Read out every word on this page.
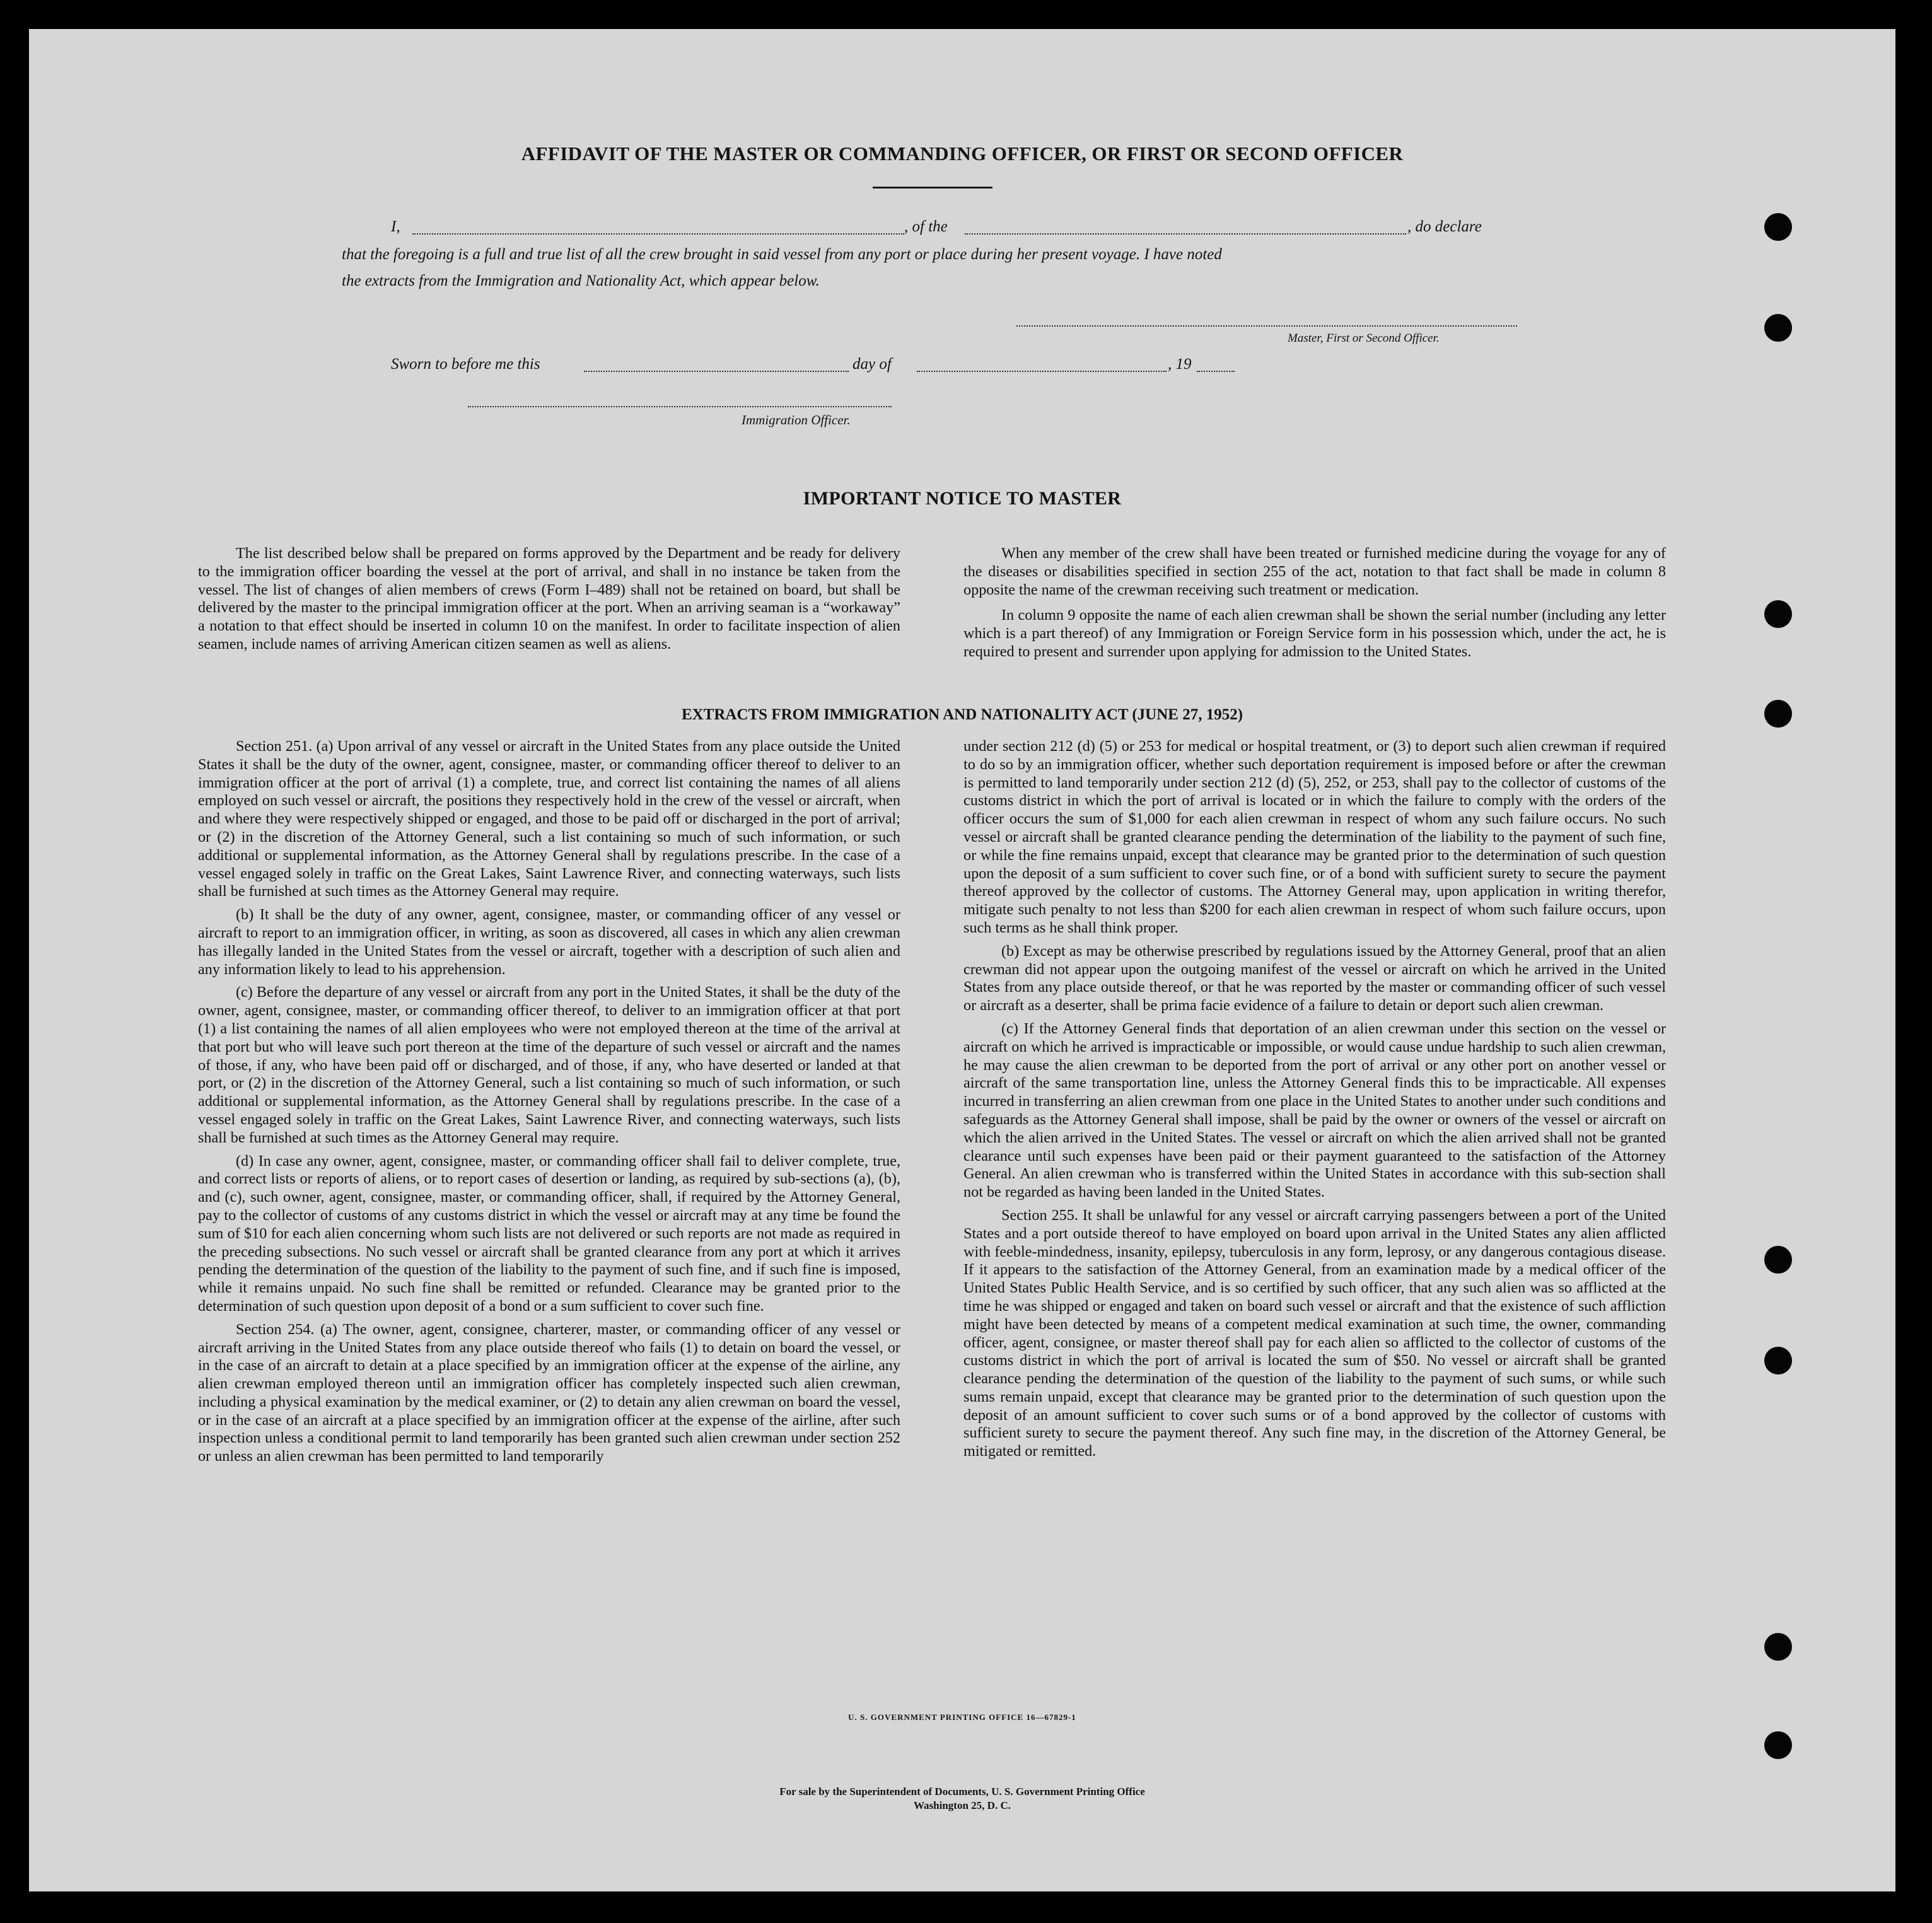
AFFIDAVIT OF THE MASTER OR COMMANDING OFFICER, OR FIRST OR SECOND OFFICER
I,	, of the	, do declare
that the foregoing is a full and true list of all the crew brought in said vessel from any port or place during her present voyage. I have noted
the extracts from the Immigration and Nationality Act, which appear below.
Master, First or Second Officer.
Sworn to before me this	day of	, 19
Immigration Officer.
IMPORTANT NOTICE TO MASTER

The list described below shall be prepared on forms approved by the Department and be ready for delivery to the immigration officer boarding the vessel at the port of arrival, and shall in no instance be taken from the vessel. The list of changes of alien members of crews (Form I–489) shall not be retained on board, but shall be delivered by the master to the principal immigration officer at the port. When an arriving seaman is a “workaway” a notation to that effect should be inserted in column 10 on the manifest. In order to facilitate inspection of alien seamen, include names of arriving American citizen seamen as well as aliens.

When any member of the crew shall have been treated or furnished medicine during the voyage for any of the diseases or disabilities specified in section 255 of the act, notation to that fact shall be made in column 8 opposite the name of the crewman receiving such treatment or medication.

In column 9 opposite the name of each alien crewman shall be shown the serial number (including any letter which is a part thereof) of any Immigration or Foreign Service form in his possession which, under the act, he is required to present and surrender upon applying for admission to the United States.

EXTRACTS FROM IMMIGRATION AND NATIONALITY ACT (JUNE 27, 1952)

Section 251. (a) Upon arrival of any vessel or aircraft in the United States from any place outside the United States it shall be the duty of the owner, agent, consignee, master, or commanding officer thereof to deliver to an immigration officer at the port of arrival (1) a complete, true, and correct list containing the names of all aliens employed on such vessel or aircraft, the positions they respectively hold in the crew of the vessel or aircraft, when and where they were respectively shipped or engaged, and those to be paid off or discharged in the port of arrival; or (2) in the discretion of the Attorney General, such a list containing so much of such information, or such additional or supplemental information, as the Attorney General shall by regulations prescribe. In the case of a vessel engaged solely in traffic on the Great Lakes, Saint Lawrence River, and connecting waterways, such lists shall be furnished at such times as the Attorney General may require.

(b) It shall be the duty of any owner, agent, consignee, master, or commanding officer of any vessel or aircraft to report to an immigration officer, in writing, as soon as discovered, all cases in which any alien crewman has illegally landed in the United States from the vessel or aircraft, together with a description of such alien and any information likely to lead to his apprehension.

(c) Before the departure of any vessel or aircraft from any port in the United States, it shall be the duty of the owner, agent, consignee, master, or commanding officer thereof, to deliver to an immigration officer at that port (1) a list containing the names of all alien employees who were not employed thereon at the time of the arrival at that port but who will leave such port thereon at the time of the departure of such vessel or aircraft and the names of those, if any, who have been paid off or discharged, and of those, if any, who have deserted or landed at that port, or (2) in the discretion of the Attorney General, such a list containing so much of such information, or such additional or supplemental information, as the Attorney General shall by regulations prescribe. In the case of a vessel engaged solely in traffic on the Great Lakes, Saint Lawrence River, and connecting waterways, such lists shall be furnished at such times as the Attorney General may require.

(d) In case any owner, agent, consignee, master, or commanding officer shall fail to deliver complete, true, and correct lists or reports of aliens, or to report cases of desertion or landing, as required by sub-sections (a), (b), and (c), such owner, agent, consignee, master, or commanding officer, shall, if required by the Attorney General, pay to the collector of customs of any customs district in which the vessel or aircraft may at any time be found the sum of $10 for each alien concerning whom such lists are not delivered or such reports are not made as required in the preceding subsections. No such vessel or aircraft shall be granted clearance from any port at which it arrives pending the determination of the question of the liability to the payment of such fine, and if such fine is imposed, while it remains unpaid. No such fine shall be remitted or refunded. Clearance may be granted prior to the determination of such question upon deposit of a bond or a sum sufficient to cover such fine.

Section 254. (a) The owner, agent, consignee, charterer, master, or commanding officer of any vessel or aircraft arriving in the United States from any place outside thereof who fails (1) to detain on board the vessel, or in the case of an aircraft to detain at a place specified by an immigration officer at the expense of the airline, any alien crewman employed thereon until an immigration officer has completely inspected such alien crewman, including a physical examination by the medical examiner, or (2) to detain any alien crewman on board the vessel, or in the case of an aircraft at a place specified by an immigration officer at the expense of the airline, after such inspection unless a conditional permit to land temporarily has been granted such alien crewman under section 252 or unless an alien crewman has been permitted to land temporarily

under section 212 (d) (5) or 253 for medical or hospital treatment, or (3) to deport such alien crewman if required to do so by an immigration officer, whether such deportation requirement is imposed before or after the crewman is permitted to land temporarily under section 212 (d) (5), 252, or 253, shall pay to the collector of customs of the customs district in which the port of arrival is located or in which the failure to comply with the orders of the officer occurs the sum of $1,000 for each alien crewman in respect of whom any such failure occurs. No such vessel or aircraft shall be granted clearance pending the determination of the liability to the payment of such fine, or while the fine remains unpaid, except that clearance may be granted prior to the determination of such question upon the deposit of a sum sufficient to cover such fine, or of a bond with sufficient surety to secure the payment thereof approved by the collector of customs. The Attorney General may, upon application in writing therefor, mitigate such penalty to not less than $200 for each alien crewman in respect of whom such failure occurs, upon such terms as he shall think proper.

(b) Except as may be otherwise prescribed by regulations issued by the Attorney General, proof that an alien crewman did not appear upon the outgoing manifest of the vessel or aircraft on which he arrived in the United States from any place outside thereof, or that he was reported by the master or commanding officer of such vessel or aircraft as a deserter, shall be prima facie evidence of a failure to detain or deport such alien crewman.

(c) If the Attorney General finds that deportation of an alien crewman under this section on the vessel or aircraft on which he arrived is impracticable or impossible, or would cause undue hardship to such alien crewman, he may cause the alien crewman to be deported from the port of arrival or any other port on another vessel or aircraft of the same transportation line, unless the Attorney General finds this to be impracticable. All expenses incurred in transferring an alien crewman from one place in the United States to another under such conditions and safeguards as the Attorney General shall impose, shall be paid by the owner or owners of the vessel or aircraft on which the alien arrived in the United States. The vessel or aircraft on which the alien arrived shall not be granted clearance until such expenses have been paid or their payment guaranteed to the satisfaction of the Attorney General. An alien crewman who is transferred within the United States in accordance with this sub-section shall not be regarded as having been landed in the United States.

Section 255. It shall be unlawful for any vessel or aircraft carrying passengers between a port of the United States and a port outside thereof to have employed on board upon arrival in the United States any alien afflicted with feeble-mindedness, insanity, epilepsy, tuberculosis in any form, leprosy, or any dangerous contagious disease. If it appears to the satisfaction of the Attorney General, from an examination made by a medical officer of the United States Public Health Service, and is so certified by such officer, that any such alien was so afflicted at the time he was shipped or engaged and taken on board such vessel or aircraft and that the existence of such affliction might have been detected by means of a competent medical examination at such time, the owner, commanding officer, agent, consignee, or master thereof shall pay for each alien so afflicted to the collector of customs of the customs district in which the port of arrival is located the sum of $50. No vessel or aircraft shall be granted clearance pending the determination of the question of the liability to the payment of such sums, or while such sums remain unpaid, except that clearance may be granted prior to the determination of such question upon the deposit of an amount sufficient to cover such sums or of a bond approved by the collector of customs with sufficient surety to secure the payment thereof. Any such fine may, in the discretion of the Attorney General, be mitigated or remitted.

U. S. GOVERNMENT PRINTING OFFICE 16—67829-1
For sale by the Superintendent of Documents, U. S. Government Printing Office
Washington 25, D. C.
